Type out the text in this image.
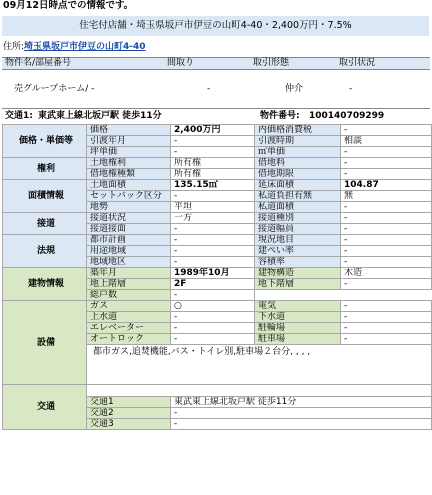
09月12日時点での情報です。
住宅付店舗・埼玉県坂戸市伊豆の山町4-40・2,400万円・7.5%
住所:埼玉県坂戸市伊豆の山町4-40
物件名/部屋番号	間取り	取引形態	取引状況
売グループホーム/ -	-	仲介	-
交通1: 東武東上線北坂戸駅 徒歩11分	物件番号: 100140709299
価格・単価等	価格	2,400万円	内価格消費税	-
	引渡年月	-	引渡時期	相談
	坪単価	-	㎡単価	-
権利	土地権利	所有権	借地料	-
	借地権種類	所有権	借地期限	-
面積情報	土地面積	135.15㎡	延床面積	104.87
	セットバック区分	-	私道負担有無	無
	地勢	平坦	私道面積	-
接道	接道状況	一方	接道種別	-
	接道接面	-	接道幅員	-
法規	都市計画	-	現況地目	-
	用途地域	-	建ぺい率	-
	地域地区	-	容積率	-
建物情報	築年月	1989年10月	建物構造	木造
	地上階層	2F	地下階層	-
	総戸数	-		
設備	ガス	○	電気	-
	上水道	-	下水道	-
	エレベーター	-	駐輪場	-
	オートロック	-	駐車場	-
	都市ガス,追焚機能,バス・トイレ別,駐車場２台分, , , ,			
交通				
	交通1	東武東上線北坂戸駅 徒歩11分		
	交通2	-		
	交通3	-		
